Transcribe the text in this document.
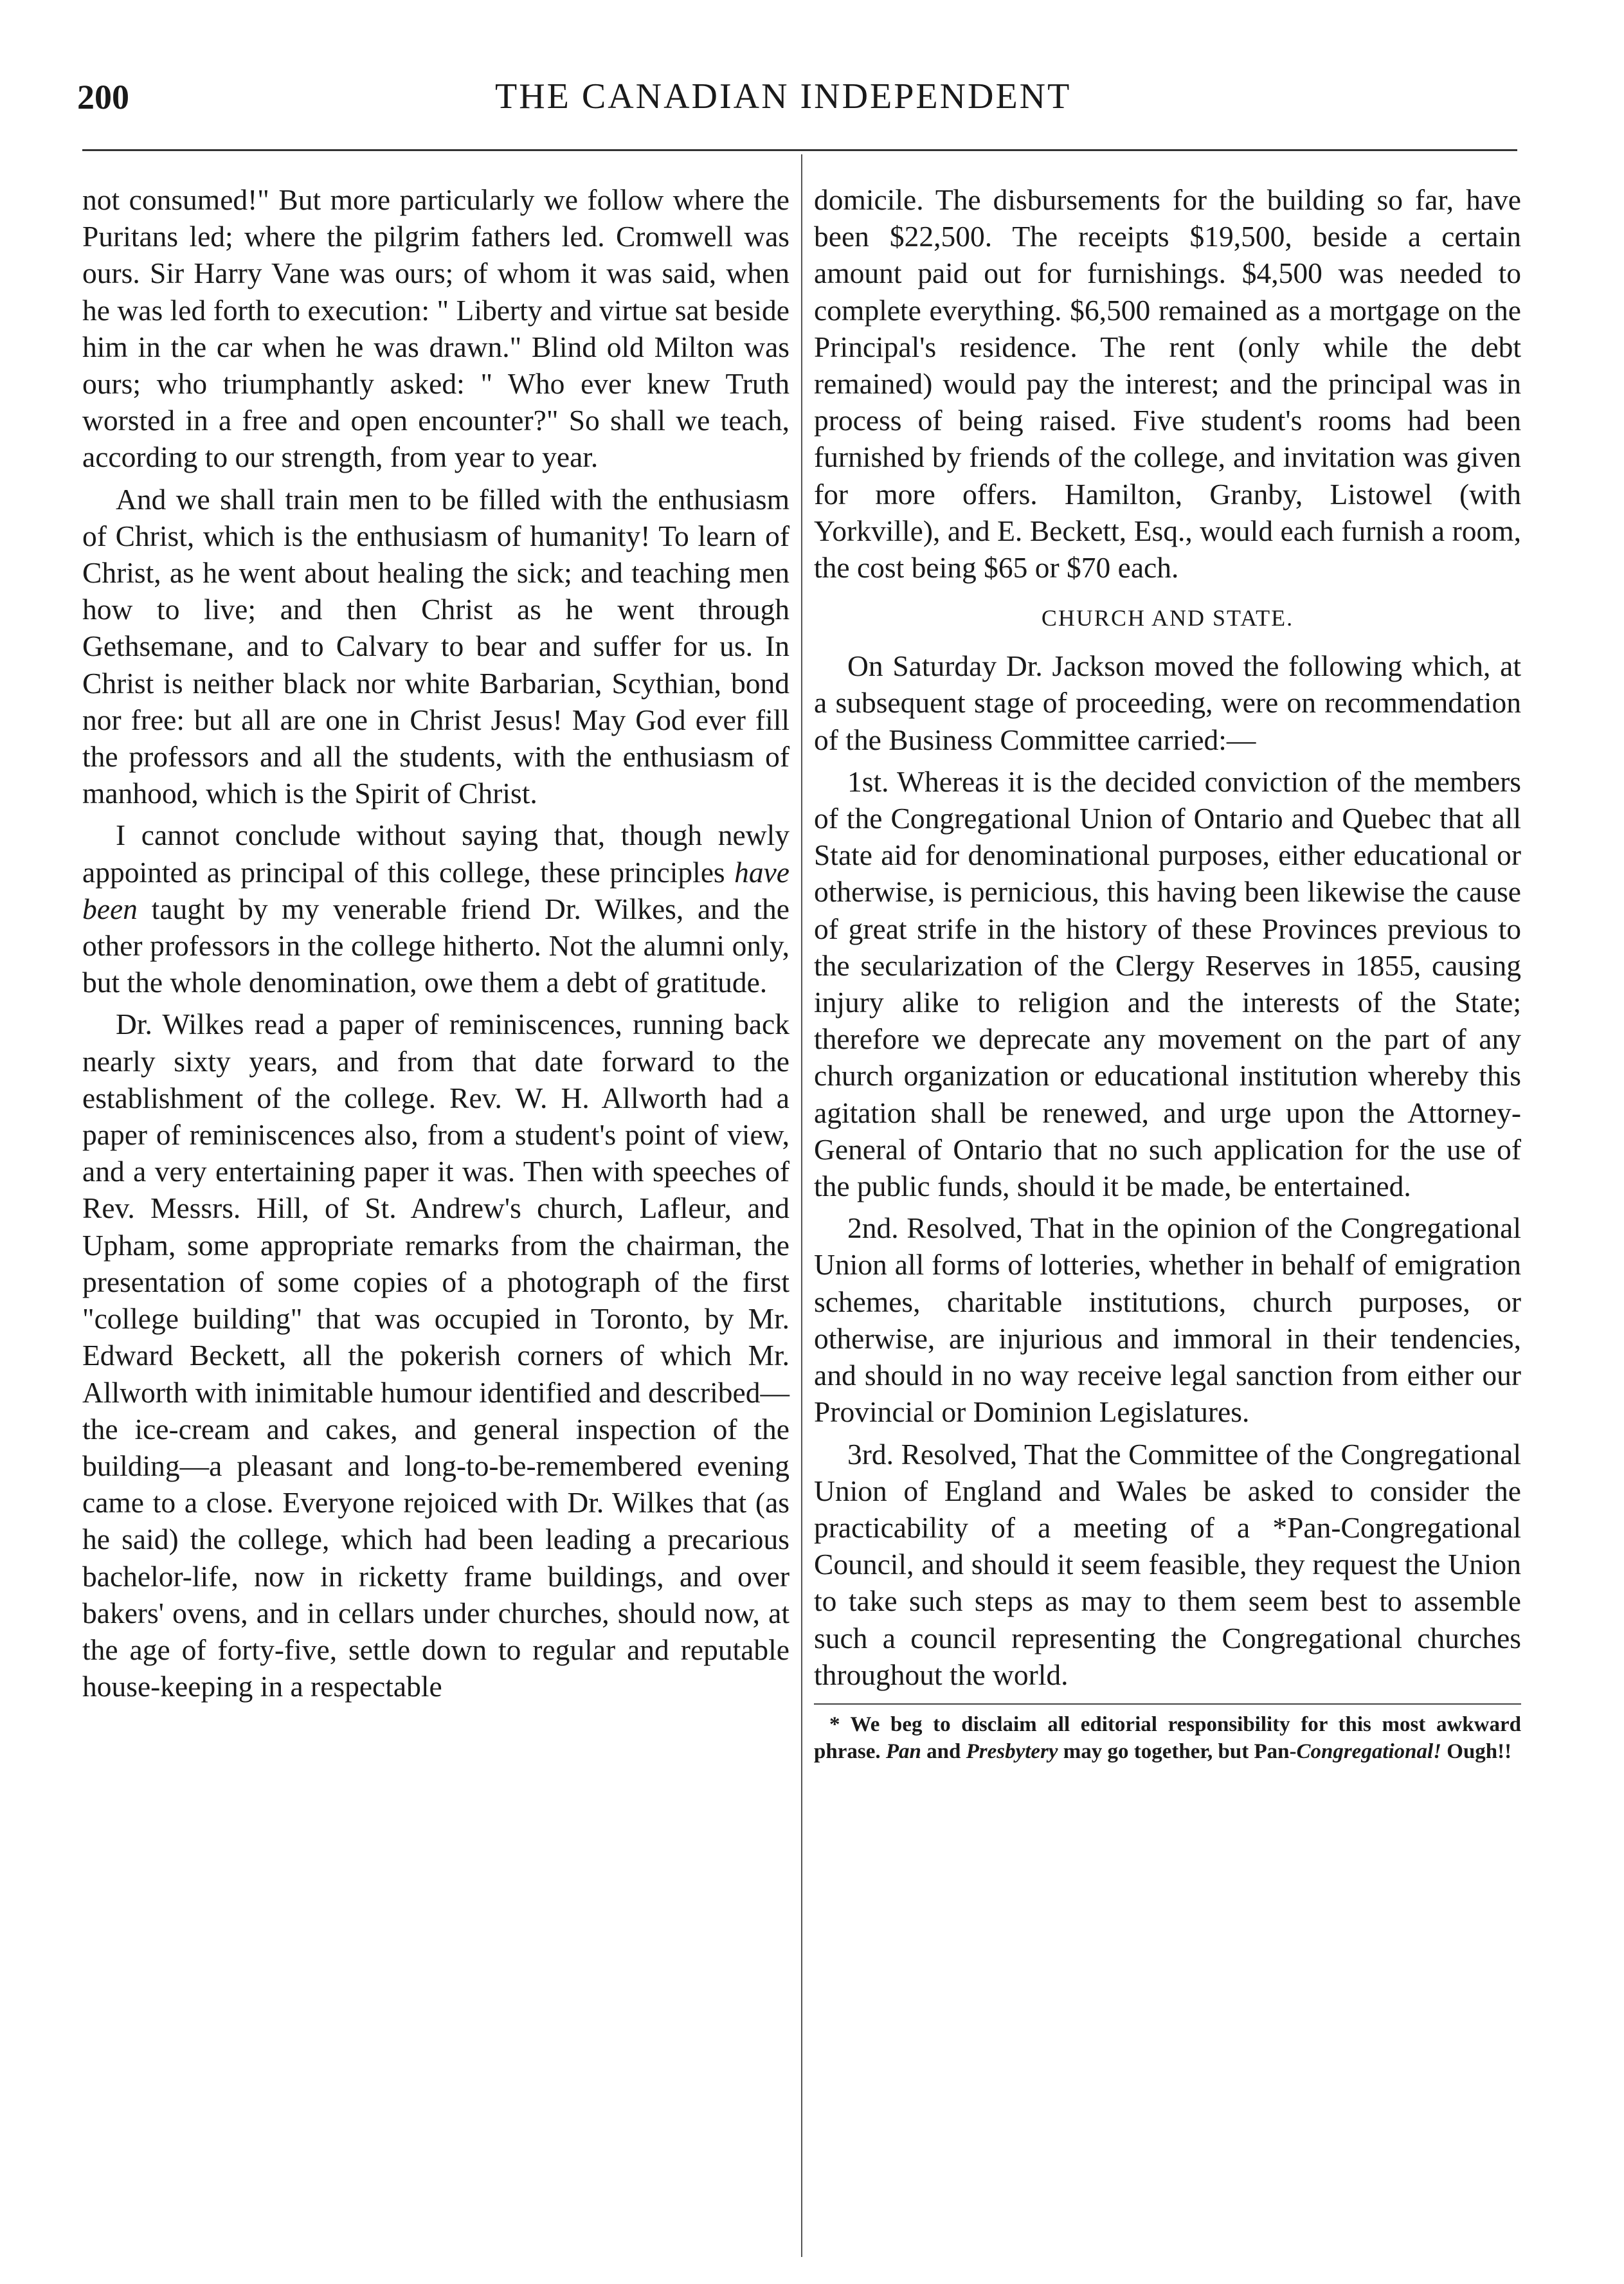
200	THE CANADIAN INDEPENDENT

not consumed!" But more particularly we follow where the Puritans led; where the pilgrim fathers led. Cromwell was ours. Sir Harry Vane was ours; of whom it was said, when he was led forth to execution: " Liberty and virtue sat beside him in the car when he was drawn." Blind old Milton was ours; who triumphantly asked: " Who ever knew Truth worsted in a free and open encounter?" So shall we teach, according to our strength, from year to year.

And we shall train men to be filled with the enthusiasm of Christ, which is the enthusiasm of humanity! To learn of Christ, as he went about healing the sick; and teaching men how to live; and then Christ as he went through Gethsemane, and to Calvary to bear and suffer for us. In Christ is neither black nor white Barbarian, Scythian, bond nor free: but all are one in Christ Jesus! May God ever fill the professors and all the students, with the enthusiasm of manhood, which is the Spirit of Christ.

I cannot conclude without saying that, though newly appointed as principal of this college, these principles have been taught by my venerable friend Dr. Wilkes, and the other professors in the college hitherto. Not the alumni only, but the whole denomination, owe them a debt of gratitude.

Dr. Wilkes read a paper of reminiscences, running back nearly sixty years, and from that date forward to the establishment of the college. Rev. W. H. Allworth had a paper of reminiscences also, from a student's point of view, and a very entertaining paper it was. Then with speeches of Rev. Messrs. Hill, of St. Andrew's church, Lafleur, and Upham, some appropriate remarks from the chairman, the presentation of some copies of a photograph of the first "college building" that was occupied in Toronto, by Mr. Edward Beckett, all the pokerish corners of which Mr. Allworth with inimitable humour identified and described—the ice-cream and cakes, and general inspection of the building—a pleasant and long-to-be-remembered evening came to a close. Everyone rejoiced with Dr. Wilkes that (as he said) the college, which had been leading a precarious bachelor-life, now in ricketty frame buildings, and over bakers' ovens, and in cellars under churches, should now, at the age of forty-five, settle down to regular and reputable house-keeping in a respectable

domicile. The disbursements for the building so far, have been $22,500. The receipts $19,500, beside a certain amount paid out for furnishings. $4,500 was needed to complete everything. $6,500 remained as a mortgage on the Principal's residence. The rent (only while the debt remained) would pay the interest; and the principal was in process of being raised. Five student's rooms had been furnished by friends of the college, and invitation was given for more offers. Hamilton, Granby, Listowel (with Yorkville), and E. Beckett, Esq., would each furnish a room, the cost being $65 or $70 each.

CHURCH AND STATE.

On Saturday Dr. Jackson moved the following which, at a subsequent stage of proceeding, were on recommendation of the Business Committee carried:—

1st. Whereas it is the decided conviction of the members of the Congregational Union of Ontario and Quebec that all State aid for denominational purposes, either educational or otherwise, is pernicious, this having been likewise the cause of great strife in the history of these Provinces previous to the secularization of the Clergy Reserves in 1855, causing injury alike to religion and the interests of the State; therefore we deprecate any movement on the part of any church organization or educational institution whereby this agitation shall be renewed, and urge upon the Attorney-General of Ontario that no such application for the use of the public funds, should it be made, be entertained.

2nd. Resolved, That in the opinion of the Congregational Union all forms of lotteries, whether in behalf of emigration schemes, charitable institutions, church purposes, or otherwise, are injurious and immoral in their tendencies, and should in no way receive legal sanction from either our Provincial or Dominion Legislatures.

3rd. Resolved, That the Committee of the Congregational Union of England and Wales be asked to consider the practicability of a meeting of a *Pan-Congregational Council, and should it seem feasible, they request the Union to take such steps as may to them seem best to assemble such a council representing the Congregational churches throughout the world.

* We beg to disclaim all editorial responsibility for this most awkward phrase. Pan and Presbytery may go together, but Pan-Congregational! Ough!!
